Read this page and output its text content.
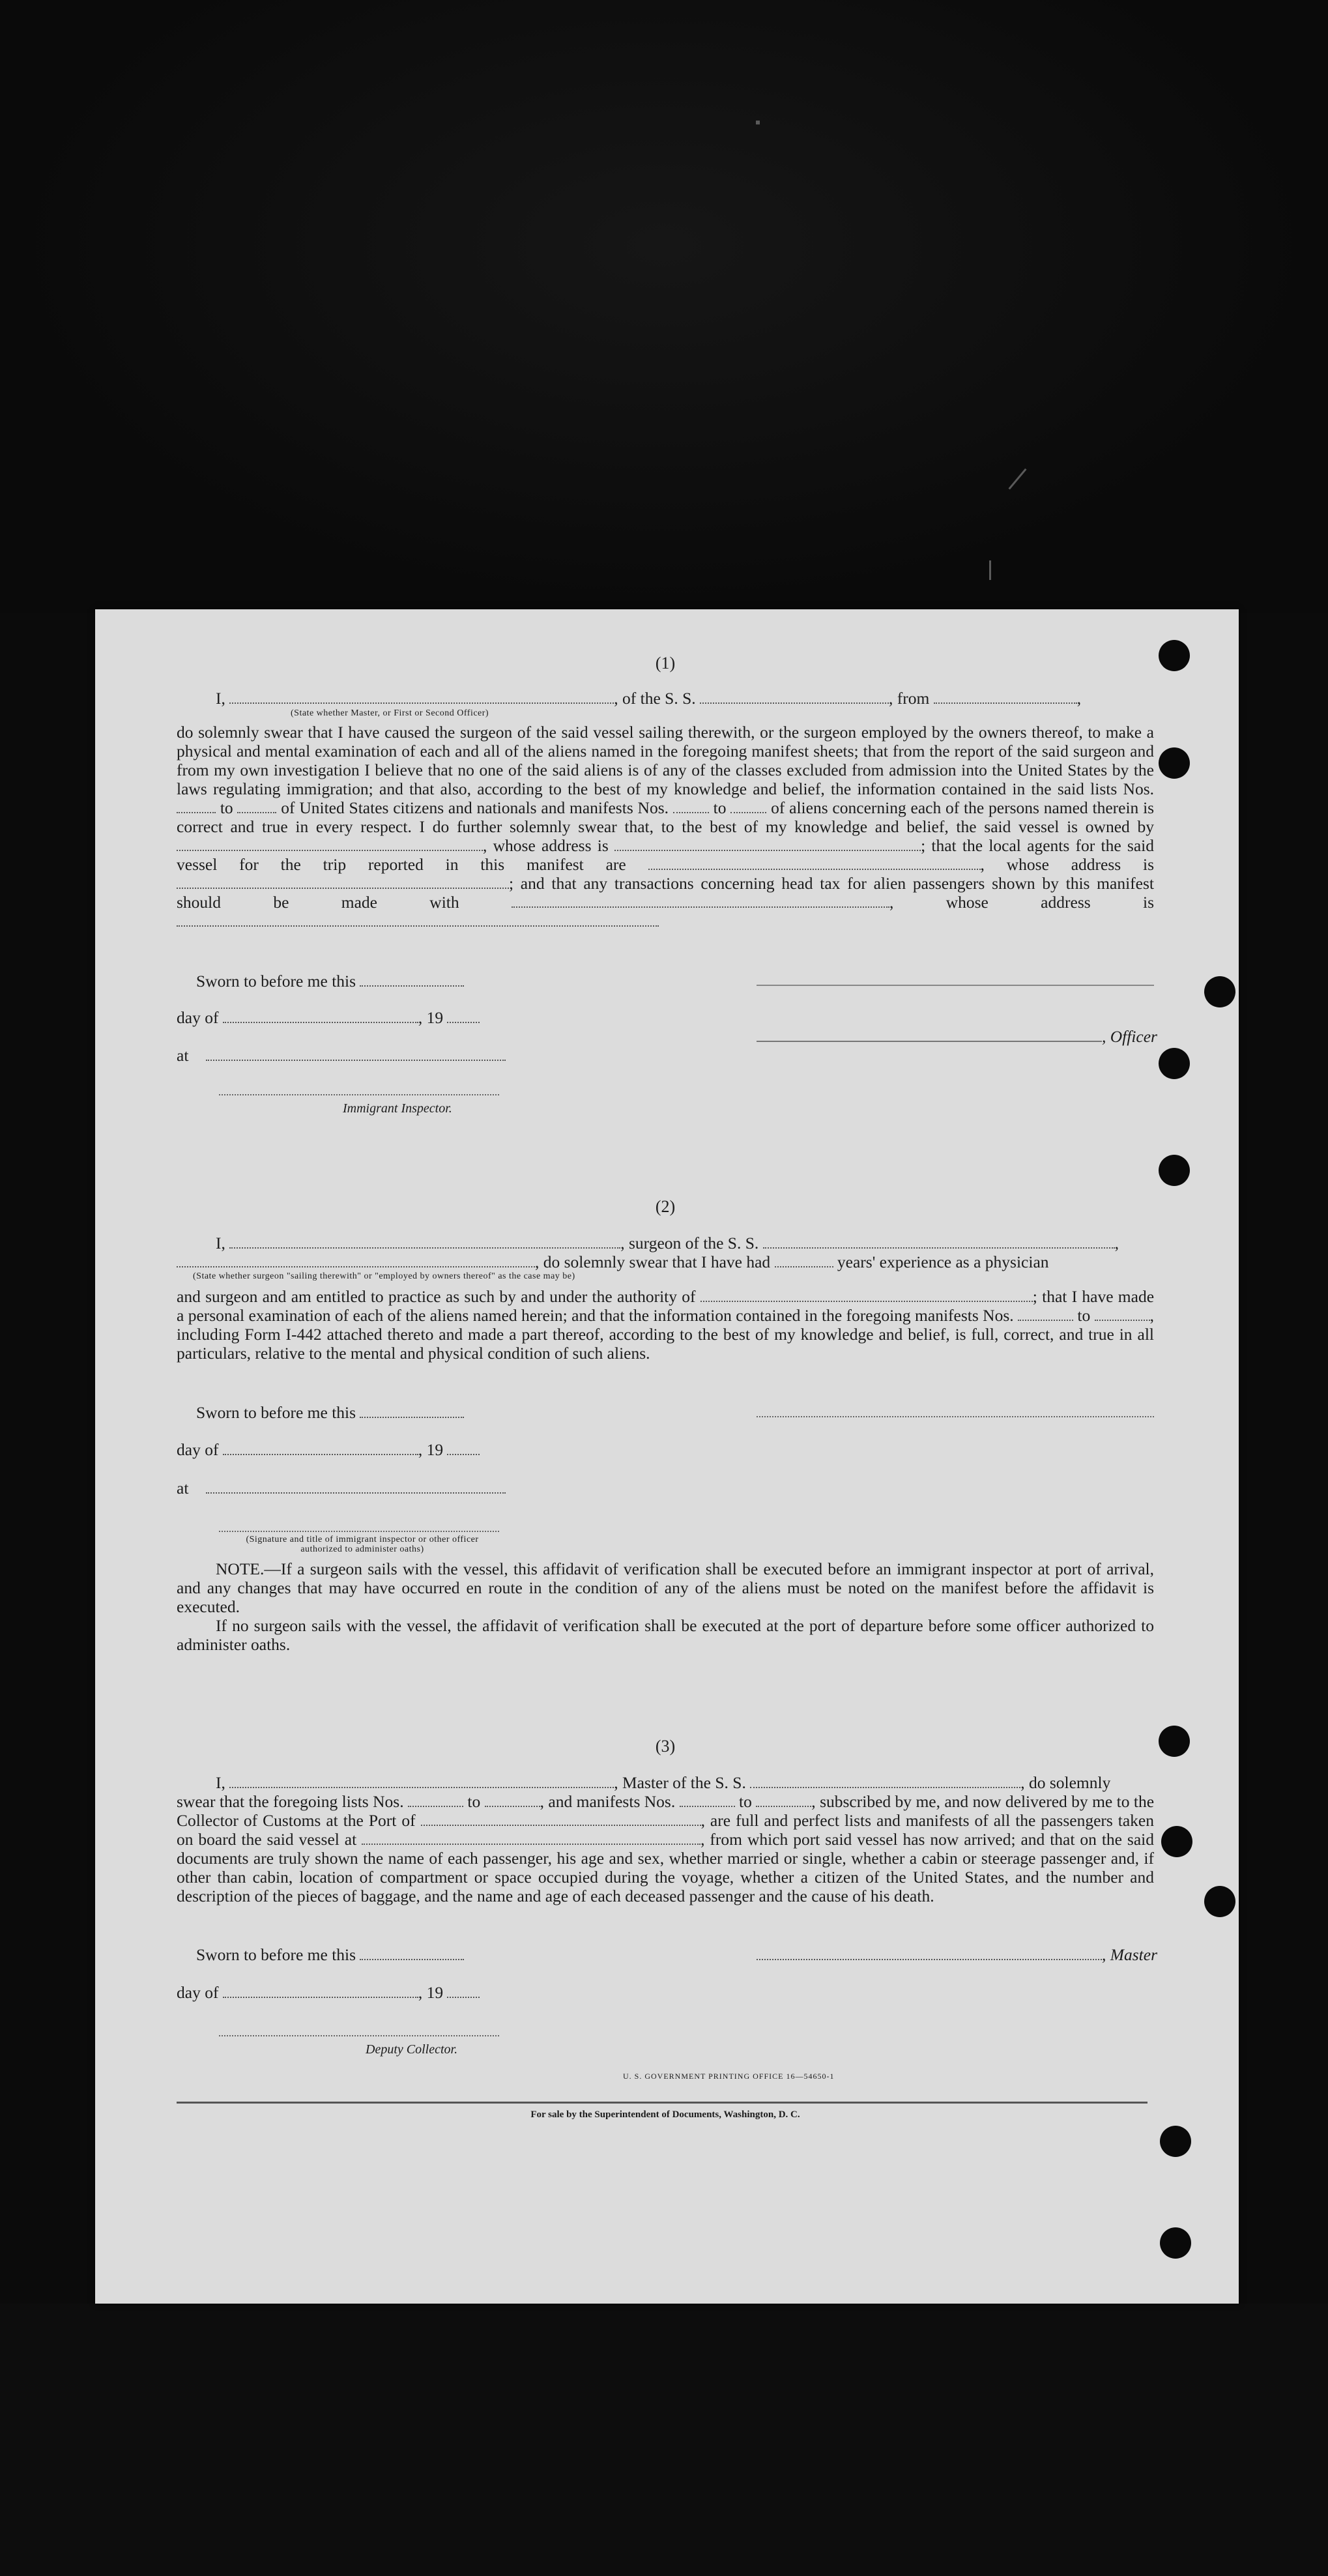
(1)

I,	, of the S. S.	, from	,
(State whether Master, or First or Second Officer)

do solemnly swear that I have caused the surgeon of the said vessel sailing therewith, or the surgeon employed by the owners thereof, to make a physical and mental examination of each and all of the aliens named in the foregoing manifest sheets; that from the report of the said surgeon and from my own investigation I believe that no one of the said aliens is of any of the classes excluded from admission into the United States by the laws regulating immigration; and that also, according to the best of my knowledge and belief, the information contained in the said lists Nos.  to	of United States citizens and nationals and manifests Nos.	to	of aliens concerning each of the persons named therein is correct and true in every respect. I do further solemnly swear that, to the best of my knowledge and belief, the said vessel is owned by , whose address is	; that the local agents for the said vessel for the trip reported in this manifest are	, whose address is ; and that any transactions concerning head tax for alien passengers shown by this manifest should be made with	, whose address is

Sworn to before me this
day of	, 19
, Officer
at
Immigrant Inspector.

(2)

I,	, surgeon of the S. S.	,
, do solemnly swear that I have had	years' experience as a physician
(State whether surgeon "sailing therewith" or "employed by owners thereof" as the case may be)

and surgeon and am entitled to practice as such by and under the authority of	; that I have made a personal examination of each of the aliens named herein; and that the information contained in the foregoing manifests Nos.	to	, including Form I-442 attached thereto and made a part thereof, according to the best of my knowledge and belief, is full, correct, and true in all particulars, relative to the mental and physical condition of such aliens.

Sworn to before me this
day of	, 19
at
(Signature and title of immigrant inspector or other officer authorized to administer oaths)

NOTE.—If a surgeon sails with the vessel, this affidavit of verification shall be executed before an immigrant inspector at port of arrival, and any changes that may have occurred en route in the condition of any of the aliens must be noted on the manifest before the affidavit is executed.

If no surgeon sails with the vessel, the affidavit of verification shall be executed at the port of departure before some officer authorized to administer oaths.

(3)

I,	, Master of the S. S.	, do solemnly

swear that the foregoing lists Nos.	to	, and manifests Nos.	to	, subscribed by me, and now delivered by me to the Collector of Customs at the Port of	, are full and perfect lists and manifests of all the passengers taken on board the said vessel at	, from which port said vessel has now arrived; and that on the said documents are truly shown the name of each passenger, his age and sex, whether married or single, whether a cabin or steerage passenger and, if other than cabin, location of compartment or space occupied during the voyage, whether a citizen of the United States, and the number and description of the pieces of baggage, and the name and age of each deceased passenger and the cause of his death.

Sworn to before me this	, Master
day of	, 19
Deputy Collector.
U. S. GOVERNMENT PRINTING OFFICE 16—54650-1
For sale by the Superintendent of Documents, Washington, D. C.
